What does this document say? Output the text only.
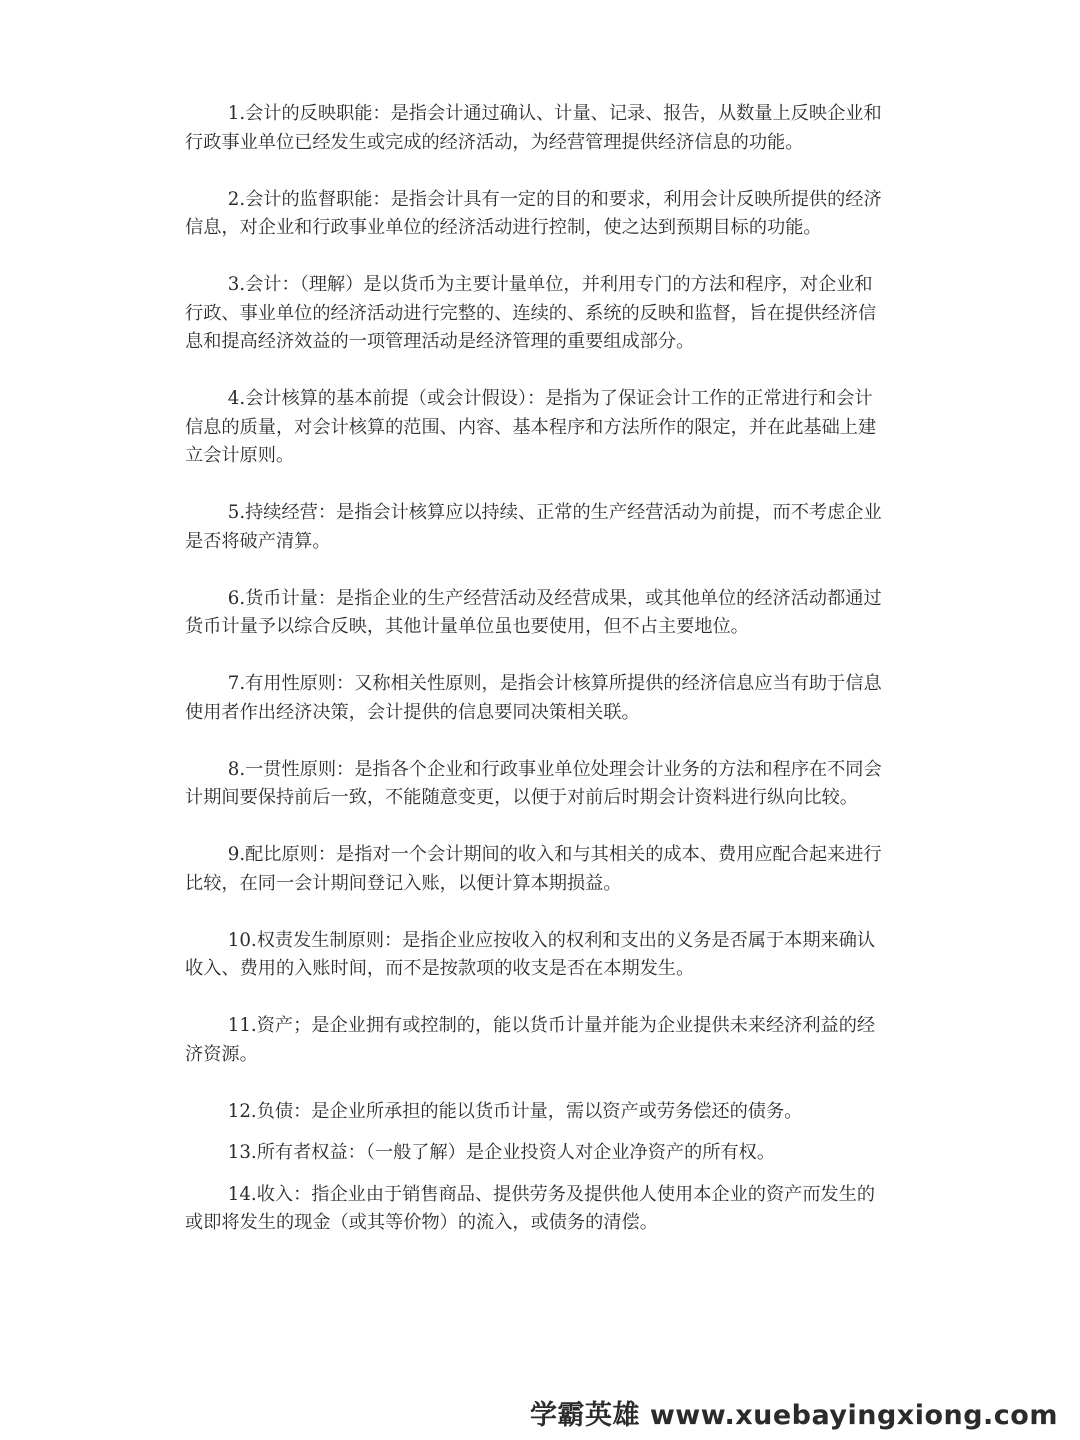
1.会计的反映职能：是指会计通过确认、计量、记录、报告，从数量上反映企业和行政事业单位已经发生或完成的经济活动，为经营管理提供经济信息的功能。

2.会计的监督职能：是指会计具有一定的目的和要求，利用会计反映所提供的经济信息，对企业和行政事业单位的经济活动进行控制，使之达到预期目标的功能。

3.会计：（理解）是以货币为主要计量单位，并利用专门的方法和程序，对企业和行政、事业单位的经济活动进行完整的、连续的、系统的反映和监督，旨在提供经济信息和提高经济效益的一项管理活动是经济管理的重要组成部分。

4.会计核算的基本前提（或会计假设）：是指为了保证会计工作的正常进行和会计信息的质量，对会计核算的范围、内容、基本程序和方法所作的限定，并在此基础上建立会计原则。

5.持续经营：是指会计核算应以持续、正常的生产经营活动为前提，而不考虑企业是否将破产清算。

6.货币计量：是指企业的生产经营活动及经营成果，或其他单位的经济活动都通过货币计量予以综合反映，其他计量单位虽也要使用，但不占主要地位。

7.有用性原则：又称相关性原则，是指会计核算所提供的经济信息应当有助于信息使用者作出经济决策，会计提供的信息要同决策相关联。

8.一贯性原则：是指各个企业和行政事业单位处理会计业务的方法和程序在不同会计期间要保持前后一致，不能随意变更，以便于对前后时期会计资料进行纵向比较。

9.配比原则：是指对一个会计期间的收入和与其相关的成本、费用应配合起来进行比较，在同一会计期间登记入账，以便计算本期损益。

10.权责发生制原则：是指企业应按收入的权利和支出的义务是否属于本期来确认收入、费用的入账时间，而不是按款项的收支是否在本期发生。

11.资产；是企业拥有或控制的，能以货币计量并能为企业提供未来经济利益的经济资源。

12.负债：是企业所承担的能以货币计量，需以资产或劳务偿还的债务。

13.所有者权益：（一般了解）是企业投资人对企业净资产的所有权。

14.收入：指企业由于销售商品、提供劳务及提供他人使用本企业的资产而发生的或即将发生的现金（或其等价物）的流入，或债务的清偿。

学霸英雄 www.xuebayingxiong.com
